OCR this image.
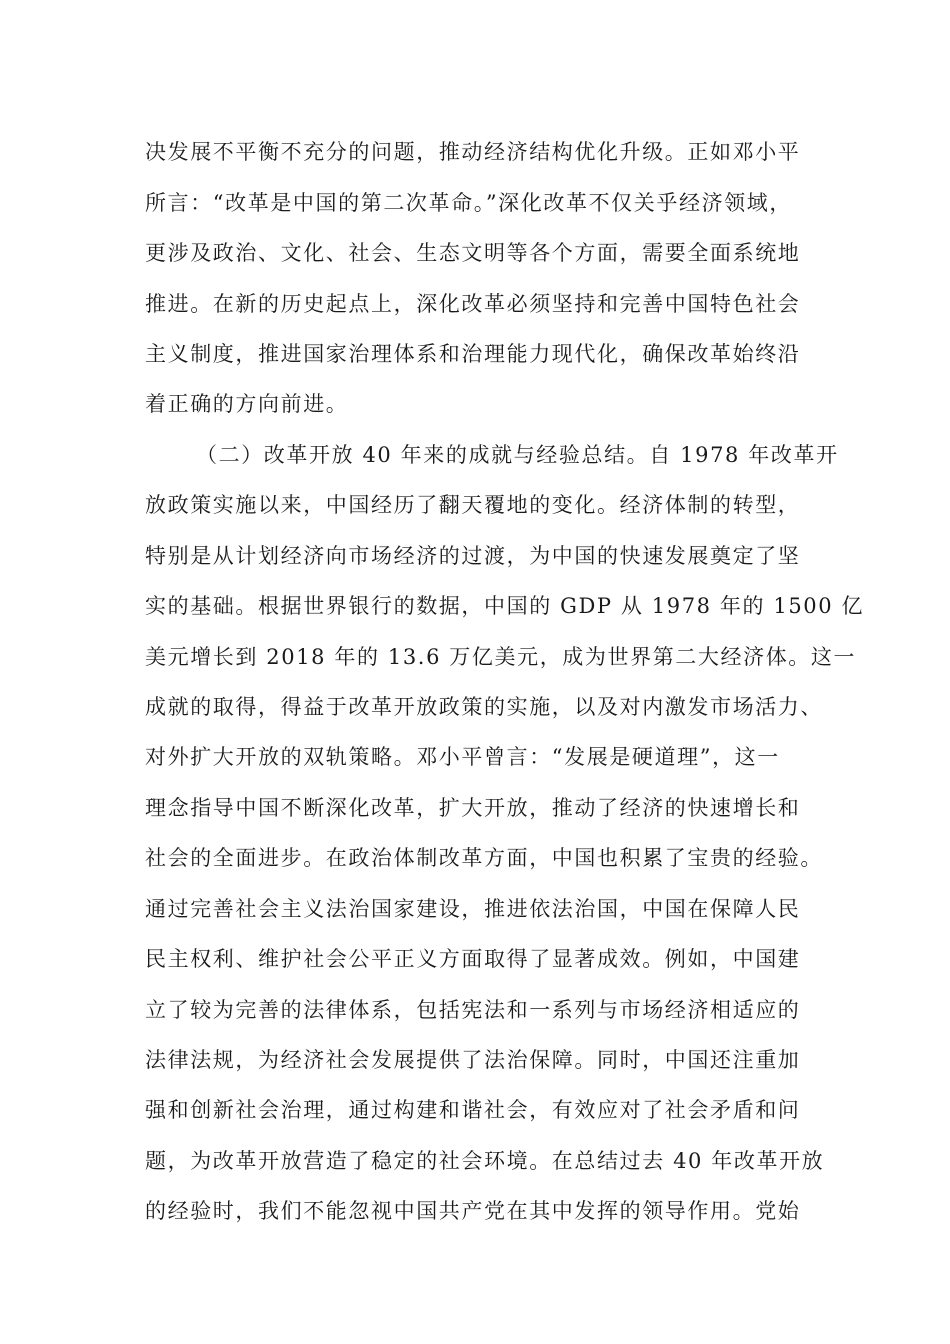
决发展不平衡不充分的问题，推动经济结构优化升级。正如邓小平
所言：“改革是中国的第二次革命。”深化改革不仅关乎经济领域，
更涉及政治、文化、社会、生态文明等各个方面，需要全面系统地
推进。在新的历史起点上，深化改革必须坚持和完善中国特色社会
主义制度，推进国家治理体系和治理能力现代化，确保改革始终沿
着正确的方向前进。
（二）改革开放 40 年来的成就与经验总结。自 1978 年改革开
放政策实施以来，中国经历了翻天覆地的变化。经济体制的转型，
特别是从计划经济向市场经济的过渡，为中国的快速发展奠定了坚
实的基础。根据世界银行的数据，中国的 GDP 从 1978 年的 1500 亿
美元增长到 2018 年的 13.6 万亿美元，成为世界第二大经济体。这一
成就的取得，得益于改革开放政策的实施，以及对内激发市场活力、
对外扩大开放的双轨策略。邓小平曾言：“发展是硬道理”，这一
理念指导中国不断深化改革，扩大开放，推动了经济的快速增长和
社会的全面进步。在政治体制改革方面，中国也积累了宝贵的经验。
通过完善社会主义法治国家建设，推进依法治国，中国在保障人民
民主权利、维护社会公平正义方面取得了显著成效。例如，中国建
立了较为完善的法律体系，包括宪法和一系列与市场经济相适应的
法律法规，为经济社会发展提供了法治保障。同时，中国还注重加
强和创新社会治理，通过构建和谐社会，有效应对了社会矛盾和问
题，为改革开放营造了稳定的社会环境。在总结过去 40 年改革开放
的经验时，我们不能忽视中国共产党在其中发挥的领导作用。党始
